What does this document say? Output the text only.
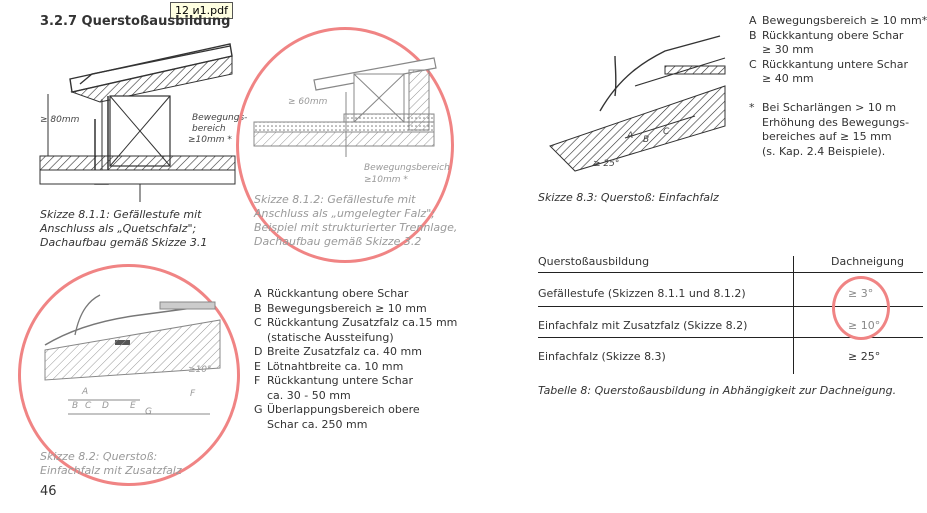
12 и1.pdf
3.2.7 Querstoßausbildung
≥ 80mm	Bewegungs-
bereich
≥10mm *
Skizze 8.1.1: Gefällestufe mit
Anschluss als „Quetschfalz";
Dachaufbau gemäß Skizze 3.1
≥ 60mm
Bewegungsbereich
≥10mm *
Skizze 8.1.2: Gefällestufe mit
Anschluss als „umgelegter Falz";
Beispiel mit strukturierter Trennlage,
Dachaufbau gemäß Skizze 3.2
≥10°
A
B C D E
F
G
Skizze 8.2: Querstoß:
Einfachfalz mit Zusatzfalz
A Rückkantung obere Schar
B Bewegungsbereich ≥ 10 mm
C Rückkantung Zusatzfalz ca.15 mm
(statische Aussteifung)
D Breite Zusatzfalz ca. 40 mm
E Lötnahtbreite ca. 10 mm
F Rückkantung untere Schar
ca. 30 - 50 mm
G Überlappungsbereich obere
Schar ca. 250 mm
46
≥ 25°
A B
C
Skizze 8.3: Querstoß: Einfachfalz
A Bewegungsbereich ≥ 10 mm*
B Rückkantung obere Schar
≥ 30 mm
C Rückkantung untere Schar
≥ 40 mm
* Bei Scharlängen > 10 m
Erhöhung des Bewegungs-
bereiches auf ≥ 15 mm
(s. Kap. 2.4 Beispiele).
Querstoßausbildung	Dachneigung
Gefällestufe (Skizzen 8.1.1 und 8.1.2)	≥ 3°
Einfachfalz mit Zusatzfalz (Skizze 8.2)	≥ 10°
Einfachfalz (Skizze 8.3)	≥ 25°
Tabelle 8: Querstoßausbildung in Abhängigkeit zur Dachneigung.
